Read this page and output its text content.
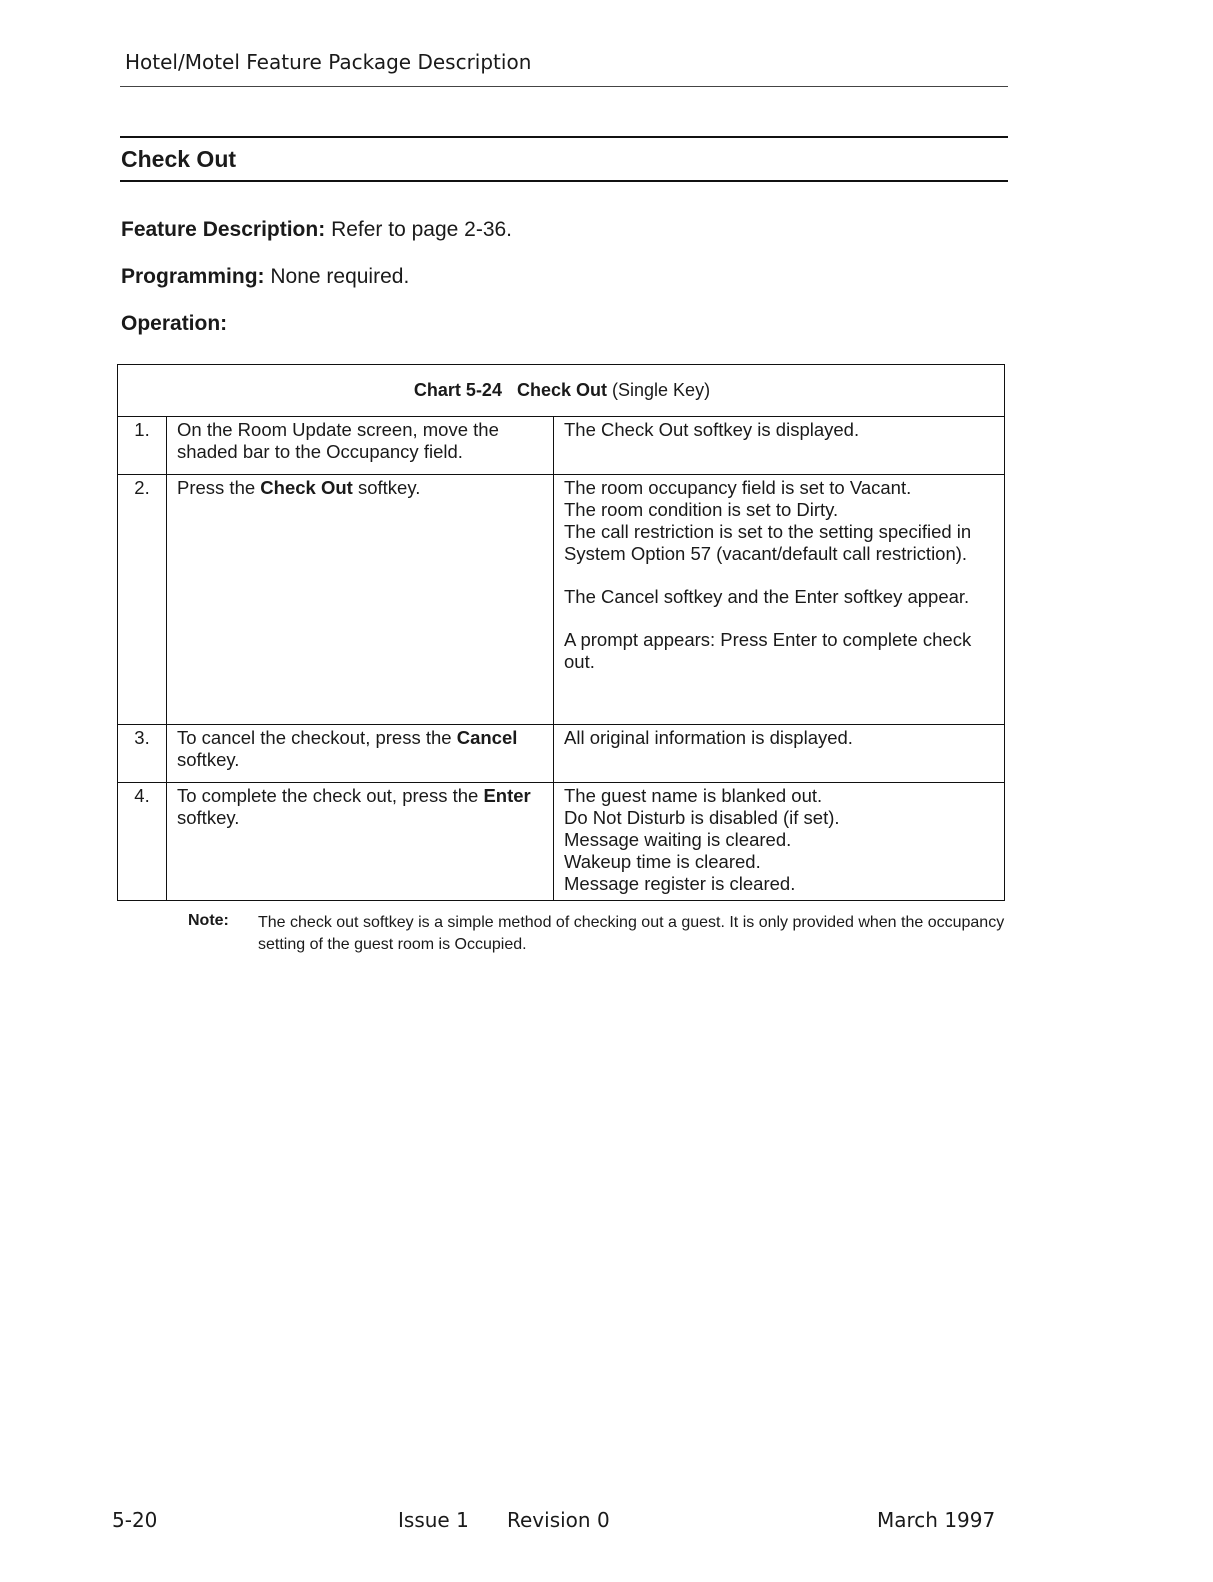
Hotel/Motel Feature Package Description
Check Out
Feature Description: Refer to page 2-36.
Programming: None required.
Operation:
Chart 5-24 Check Out (Single Key)		
1.	On the Room Update screen, move the shaded bar to the Occupancy field.	The Check Out softkey is displayed.

2.	Press the Check Out softkey.	The room occupancy field is set to Vacant.
The room condition is set to Dirty.
The call restriction is set to the setting specified in System Option 57 (vacant/default call restriction).
The Cancel softkey and the Enter softkey appear.
A prompt appears: Press Enter to complete check out.

3.	To cancel the checkout, press the Cancel softkey.	All original information is displayed.

4.	To complete the check out, press the Enter softkey.	The guest name is blanked out.
Do Not Disturb is disabled (if set).
Message waiting is cleared.
Wakeup time is cleared.
Message register is cleared.
Note: The check out softkey is a simple method of checking out a guest. It is only provided when the occupancy setting of the guest room is Occupied.
5-20	Issue 1 Revision 0	March 1997
